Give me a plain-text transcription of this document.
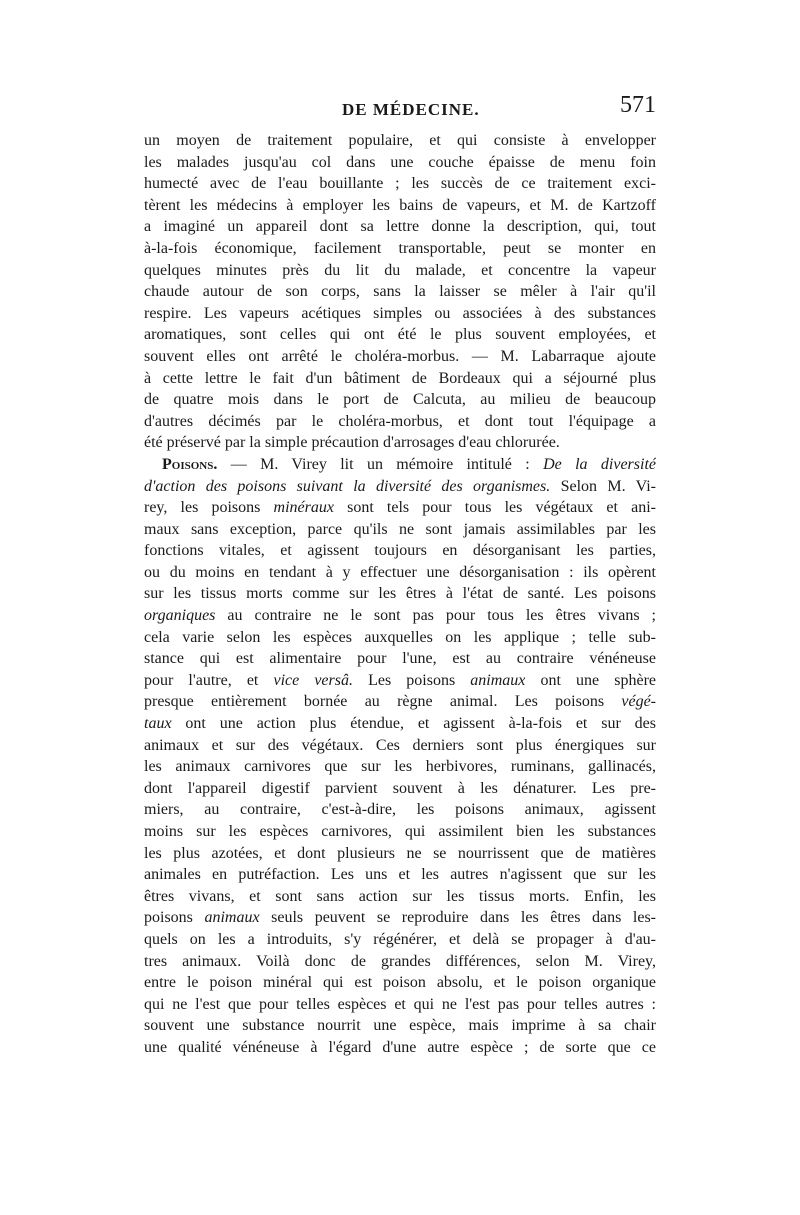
DE MÉDECINE.	571
un moyen de traitement populaire, et qui consiste à envelopper
les malades jusqu'au col dans une couche épaisse de menu foin
humecté avec de l'eau bouillante ; les succès de ce traitement exci-
tèrent les médecins à employer les bains de vapeurs, et M. de Kartzoff
a imaginé un appareil dont sa lettre donne la description, qui, tout
à-la-fois économique, facilement transportable, peut se monter en
quelques minutes près du lit du malade, et concentre la vapeur
chaude autour de son corps, sans la laisser se mêler à l'air qu'il
respire. Les vapeurs acétiques simples ou associées à des substances
aromatiques, sont celles qui ont été le plus souvent employées, et
souvent elles ont arrêté le choléra-morbus. — M. Labarraque ajoute
à cette lettre le fait d'un bâtiment de Bordeaux qui a séjourné plus
de quatre mois dans le port de Calcuta, au milieu de beaucoup
d'autres décimés par le choléra-morbus, et dont tout l'équipage a
été préservé par la simple précaution d'arrosages d'eau chlorurée.
Poisons. — M. Virey lit un mémoire intitulé : De la diversité
d'action des poisons suivant la diversité des organismes. Selon M. Vi-
rey, les poisons minéraux sont tels pour tous les végétaux et ani-
maux sans exception, parce qu'ils ne sont jamais assimilables par les
fonctions vitales, et agissent toujours en désorganisant les parties,
ou du moins en tendant à y effectuer une désorganisation : ils opèrent
sur les tissus morts comme sur les êtres à l'état de santé. Les poisons
organiques au contraire ne le sont pas pour tous les êtres vivans ;
cela varie selon les espèces auxquelles on les applique ; telle sub-
stance qui est alimentaire pour l'une, est au contraire vénéneuse
pour l'autre, et vice versâ. Les poisons animaux ont une sphère
presque entièrement bornée au règne animal. Les poisons végé-
taux ont une action plus étendue, et agissent à-la-fois et sur des
animaux et sur des végétaux. Ces derniers sont plus énergiques sur
les animaux carnivores que sur les herbivores, ruminans, gallinacés,
dont l'appareil digestif parvient souvent à les dénaturer. Les pre-
miers, au contraire, c'est-à-dire, les poisons animaux, agissent
moins sur les espèces carnivores, qui assimilent bien les substances
les plus azotées, et dont plusieurs ne se nourrissent que de matières
animales en putréfaction. Les uns et les autres n'agissent que sur les
êtres vivans, et sont sans action sur les tissus morts. Enfin, les
poisons animaux seuls peuvent se reproduire dans les êtres dans les-
quels on les a introduits, s'y régénérer, et delà se propager à d'au-
tres animaux. Voilà donc de grandes différences, selon M. Virey,
entre le poison minéral qui est poison absolu, et le poison organique
qui ne l'est que pour telles espèces et qui ne l'est pas pour telles autres :
souvent une substance nourrit une espèce, mais imprime à sa chair
une qualité vénéneuse à l'égard d'une autre espèce ; de sorte que ce
